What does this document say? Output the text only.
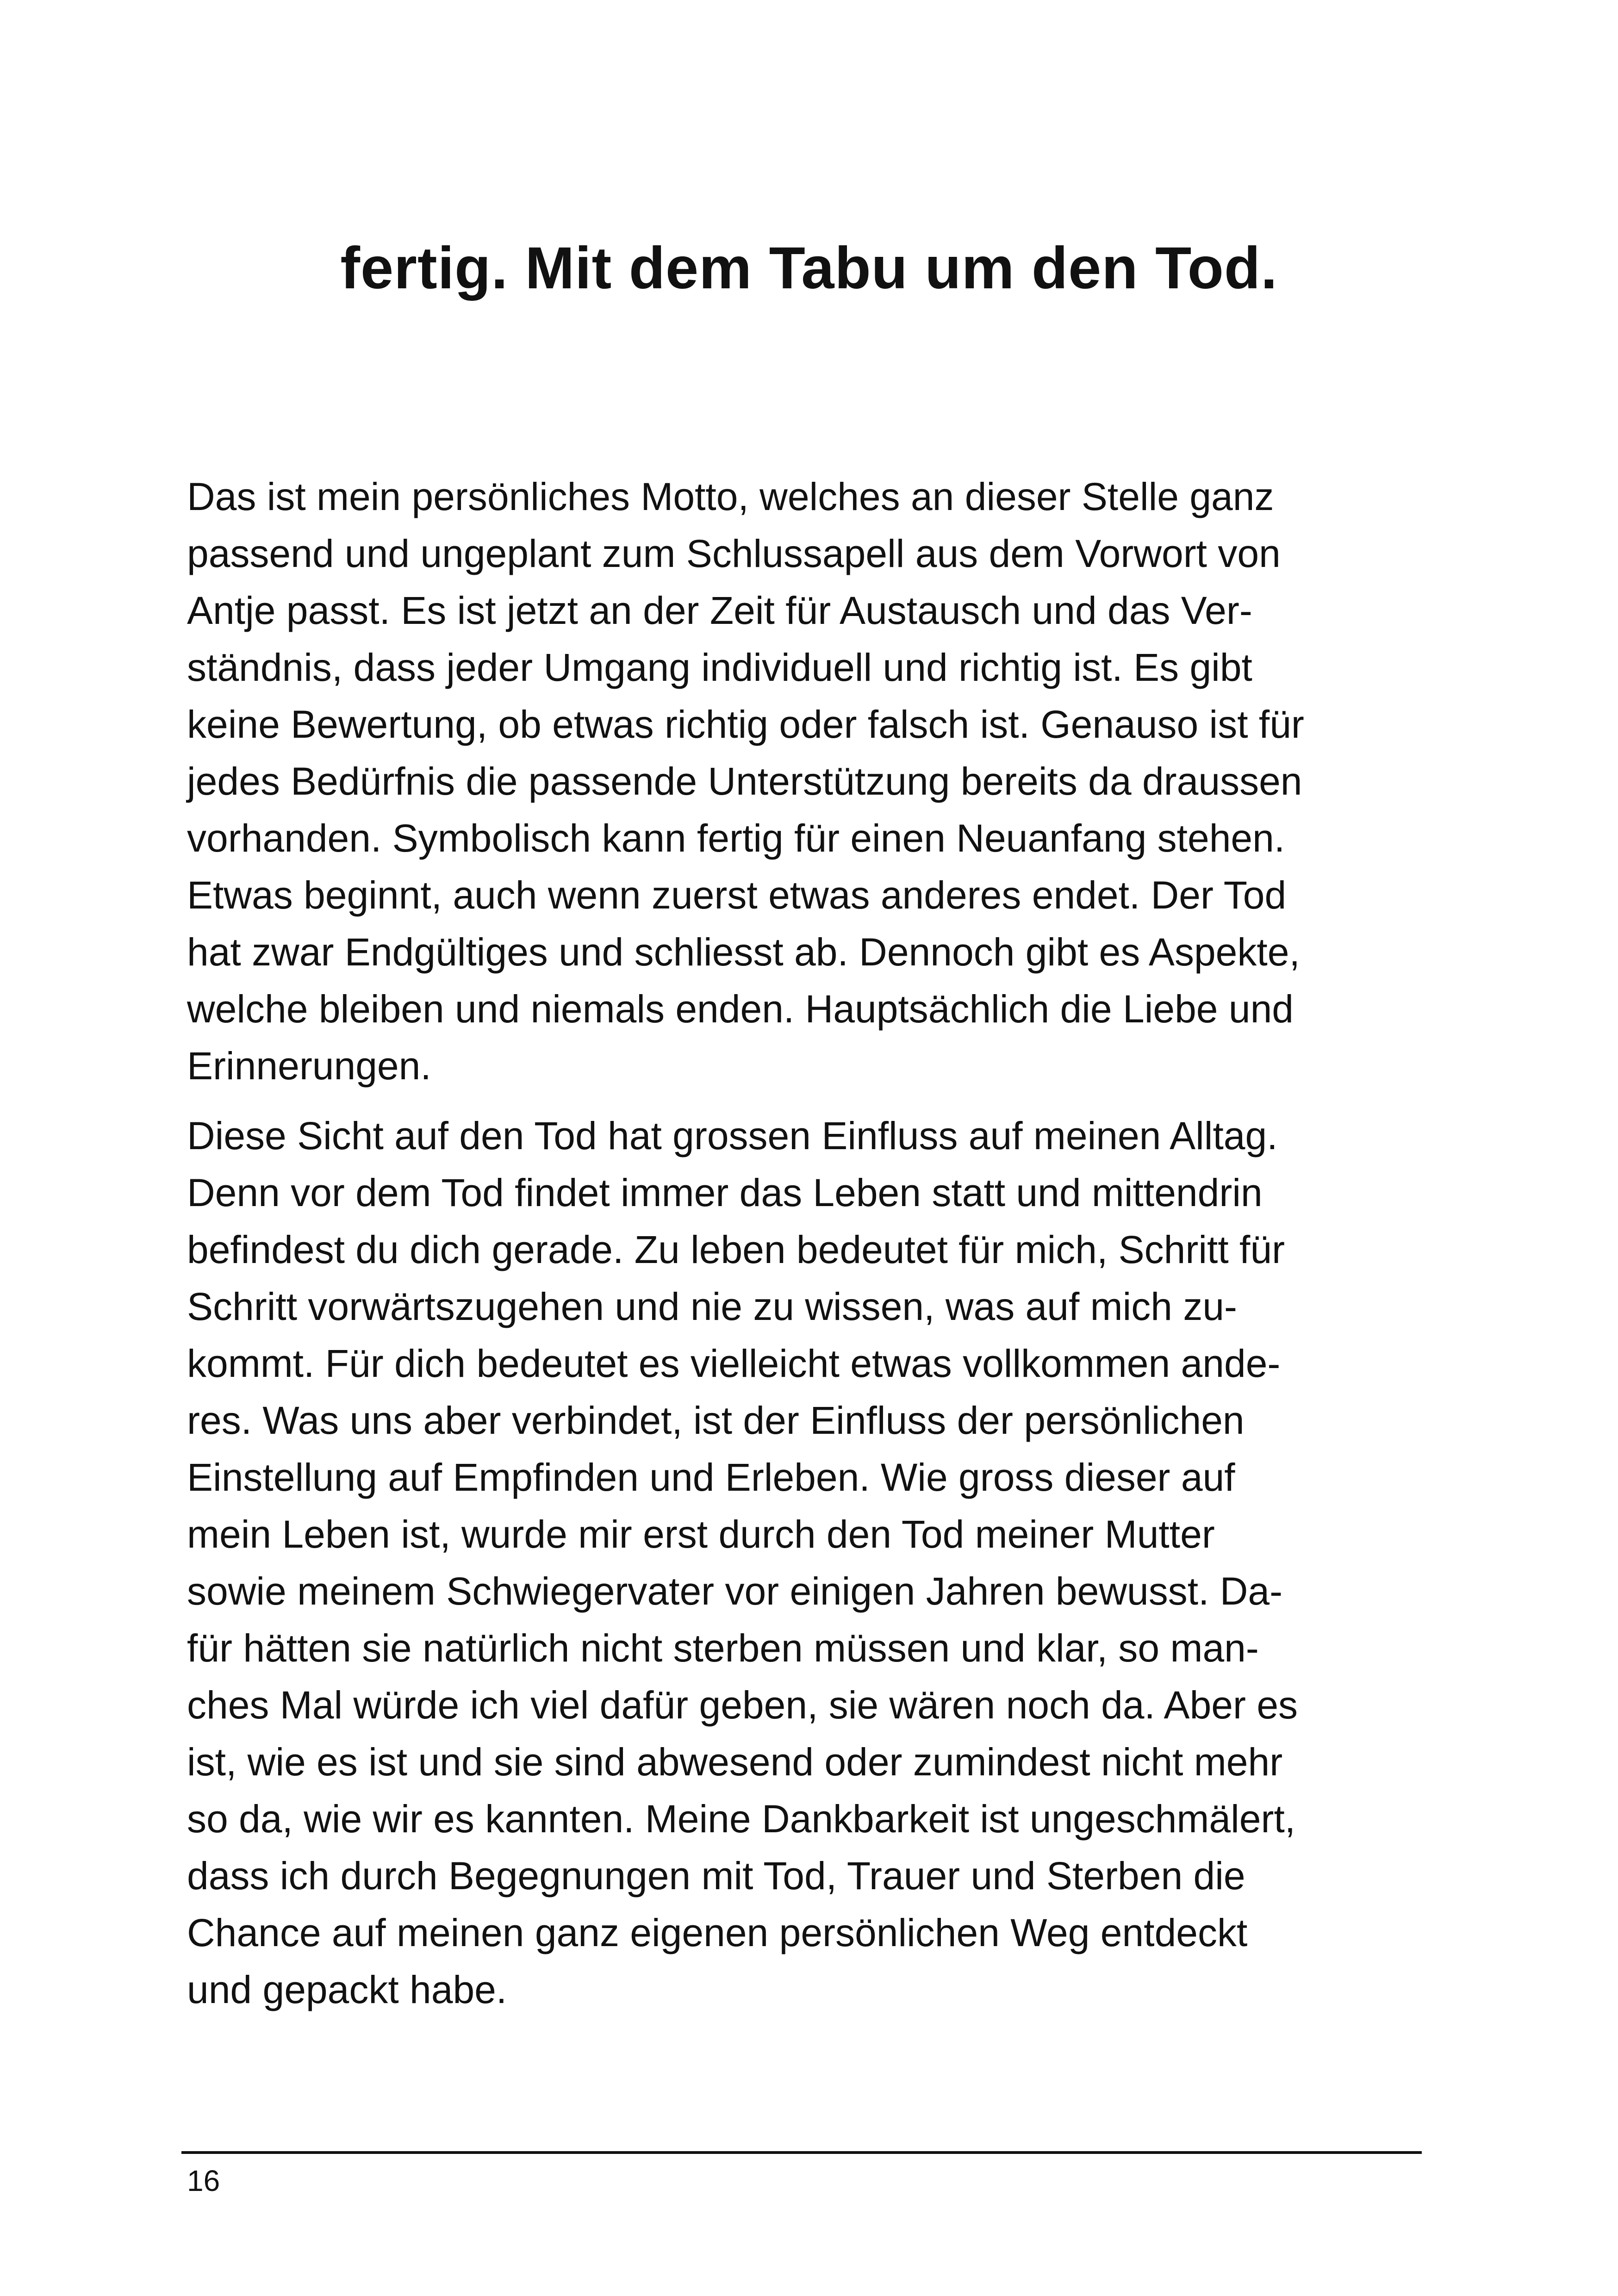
fertig. Mit dem Tabu um den Tod.

Das ist mein persönliches Motto, welches an dieser Stelle ganz
passend und ungeplant zum Schlussapell aus dem Vorwort von
Antje passt. Es ist jetzt an der Zeit für Austausch und das Ver-
ständnis, dass jeder Umgang individuell und richtig ist. Es gibt
keine Bewertung, ob etwas richtig oder falsch ist. Genauso ist für
jedes Bedürfnis die passende Unterstützung bereits da draussen
vorhanden. Symbolisch kann fertig für einen Neuanfang stehen.
Etwas beginnt, auch wenn zuerst etwas anderes endet. Der Tod
hat zwar Endgültiges und schliesst ab. Dennoch gibt es Aspekte,
welche bleiben und niemals enden. Hauptsächlich die Liebe und
Erinnerungen.

Diese Sicht auf den Tod hat grossen Einfluss auf meinen Alltag.
Denn vor dem Tod findet immer das Leben statt und mittendrin
befindest du dich gerade. Zu leben bedeutet für mich, Schritt für
Schritt vorwärtszugehen und nie zu wissen, was auf mich zu-
kommt. Für dich bedeutet es vielleicht etwas vollkommen ande-
res. Was uns aber verbindet, ist der Einfluss der persönlichen
Einstellung auf Empfinden und Erleben. Wie gross dieser auf
mein Leben ist, wurde mir erst durch den Tod meiner Mutter
sowie meinem Schwiegervater vor einigen Jahren bewusst. Da-
für hätten sie natürlich nicht sterben müssen und klar, so man-
ches Mal würde ich viel dafür geben, sie wären noch da. Aber es
ist, wie es ist und sie sind abwesend oder zumindest nicht mehr
so da, wie wir es kannten. Meine Dankbarkeit ist ungeschmälert,
dass ich durch Begegnungen mit Tod, Trauer und Sterben die
Chance auf meinen ganz eigenen persönlichen Weg entdeckt
und gepackt habe.

16
